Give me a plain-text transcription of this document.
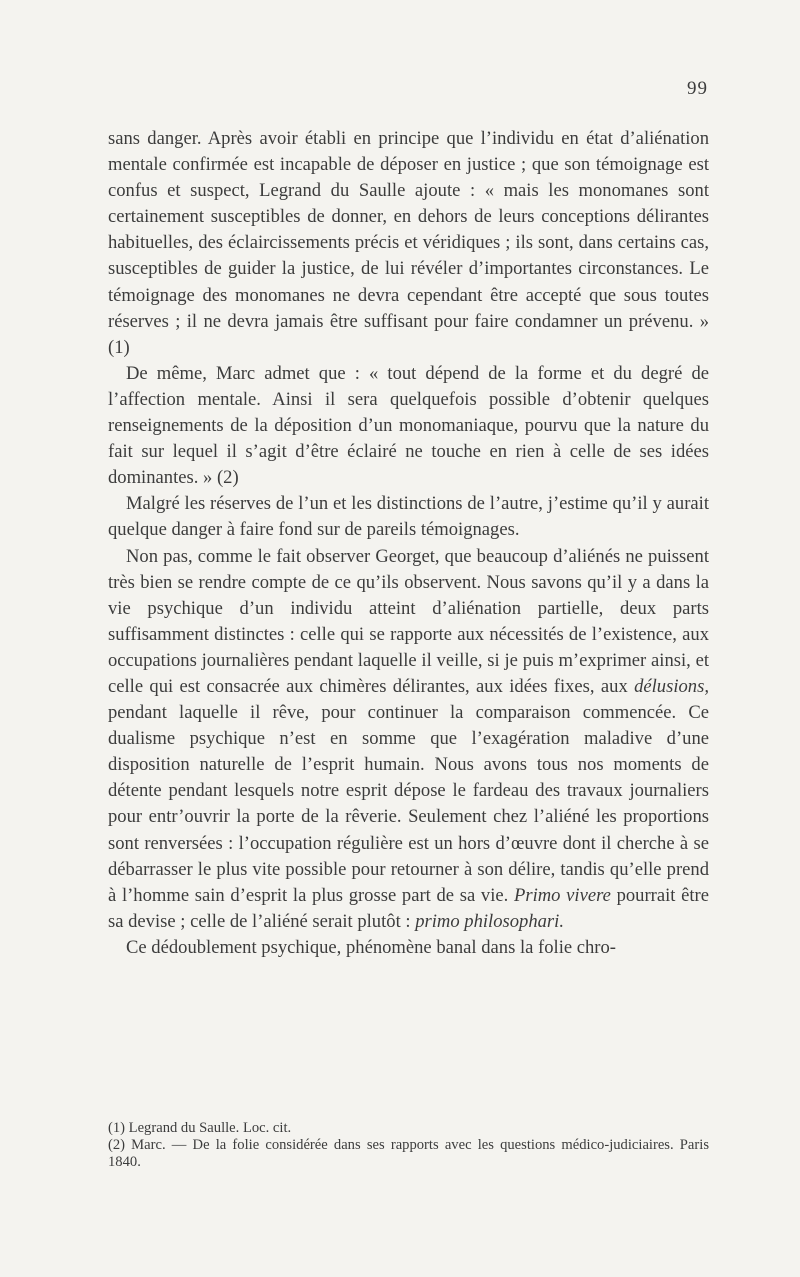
99

sans danger. Après avoir établi en principe que l’individu en état d’aliénation mentale confirmée est incapable de déposer en justice ; que son témoignage est confus et suspect, Legrand du Saulle ajoute : « mais les monomanes sont certainement susceptibles de donner, en dehors de leurs conceptions délirantes habituelles, des éclaircissements précis et véridiques ; ils sont, dans certains cas, susceptibles de guider la justice, de lui révéler d’importantes circonstances. Le témoignage des monomanes ne devra cependant être accepté que sous toutes réserves ; il ne devra jamais être suffisant pour faire condamner un prévenu. » (1)

De même, Marc admet que : « tout dépend de la forme et du degré de l’affection mentale. Ainsi il sera quelquefois possible d’obtenir quelques renseignements de la déposition d’un monomaniaque, pourvu que la nature du fait sur lequel il s’agit d’être éclairé ne touche en rien à celle de ses idées dominantes. » (2)

Malgré les réserves de l’un et les distinctions de l’autre, j’estime qu’il y aurait quelque danger à faire fond sur de pareils témoignages.

Non pas, comme le fait observer Georget, que beaucoup d’aliénés ne puissent très bien se rendre compte de ce qu’ils observent. Nous savons qu’il y a dans la vie psychique d’un individu atteint d’aliénation partielle, deux parts suffisamment distinctes : celle qui se rapporte aux nécessités de l’existence, aux occupations journalières pendant laquelle il veille, si je puis m’exprimer ainsi, et celle qui est consacrée aux chimères délirantes, aux idées fixes, aux délusions, pendant laquelle il rêve, pour continuer la comparaison commencée. Ce dualisme psychique n’est en somme que l’exagération maladive d’une disposition naturelle de l’esprit humain. Nous avons tous nos moments de détente pendant lesquels notre esprit dépose le fardeau des travaux journaliers pour entr’ouvrir la porte de la rêverie. Seulement chez l’aliéné les proportions sont renversées : l’occupation régulière est un hors d’œuvre dont il cherche à se débarrasser le plus vite possible pour retourner à son délire, tandis qu’elle prend à l’homme sain d’esprit la plus grosse part de sa vie. Primo vivere pourrait être sa devise ; celle de l’aliéné serait plutôt : primo philosophari.

Ce dédoublement psychique, phénomène banal dans la folie chro-

(1) Legrand du Saulle. Loc. cit.

(2) Marc. — De la folie considérée dans ses rapports avec les questions médico-judiciaires. Paris 1840.
